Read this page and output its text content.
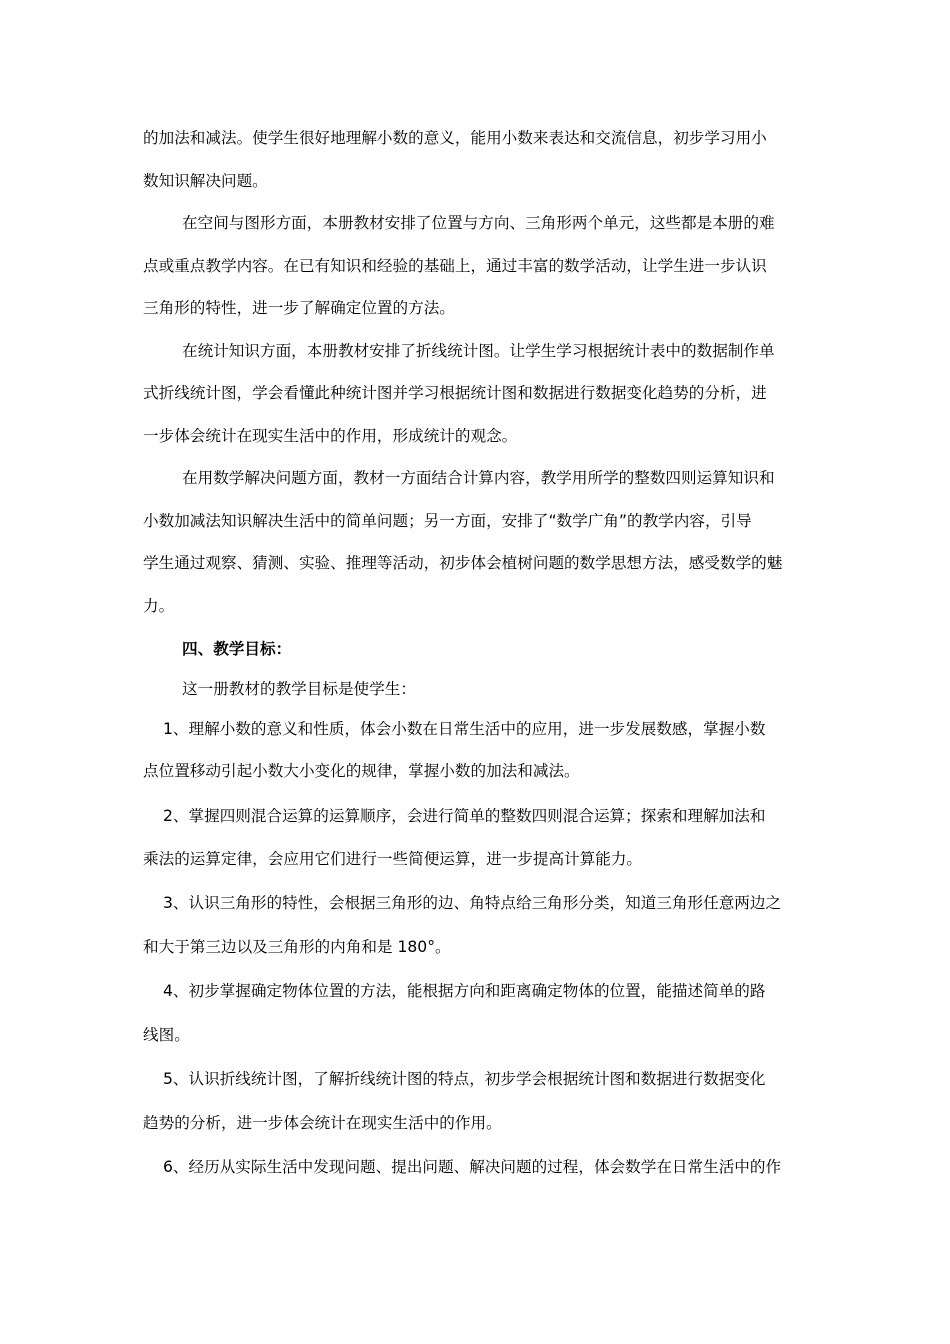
的加法和减法。使学生很好地理解小数的意义，能用小数来表达和交流信息，初步学习用小
数知识解决问题。
在空间与图形方面，本册教材安排了位置与方向、三角形两个单元，这些都是本册的难
点或重点教学内容。在已有知识和经验的基础上，通过丰富的数学活动，让学生进一步认识
三角形的特性，进一步了解确定位置的方法。
在统计知识方面，本册教材安排了折线统计图。让学生学习根据统计表中的数据制作单
式折线统计图，学会看懂此种统计图并学习根据统计图和数据进行数据变化趋势的分析，进
一步体会统计在现实生活中的作用，形成统计的观念。
在用数学解决问题方面，教材一方面结合计算内容，教学用所学的整数四则运算知识和
小数加减法知识解决生活中的简单问题；另一方面，安排了“数学广角”的教学内容，引导
学生通过观察、猜测、实验、推理等活动，初步体会植树问题的数学思想方法，感受数学的魅
力。
四、教学目标：
这一册教材的教学目标是使学生：
1、理解小数的意义和性质，体会小数在日常生活中的应用，进一步发展数感，掌握小数
点位置移动引起小数大小变化的规律，掌握小数的加法和减法。
2、掌握四则混合运算的运算顺序，会进行简单的整数四则混合运算；探索和理解加法和
乘法的运算定律，会应用它们进行一些简便运算，进一步提高计算能力。
3、认识三角形的特性，会根据三角形的边、角特点给三角形分类，知道三角形任意两边之
和大于第三边以及三角形的内角和是 180°。
4、初步掌握确定物体位置的方法，能根据方向和距离确定物体的位置，能描述简单的路
线图。
5、认识折线统计图，了解折线统计图的特点，初步学会根据统计图和数据进行数据变化
趋势的分析，进一步体会统计在现实生活中的作用。
6、经历从实际生活中发现问题、提出问题、解决问题的过程，体会数学在日常生活中的作
